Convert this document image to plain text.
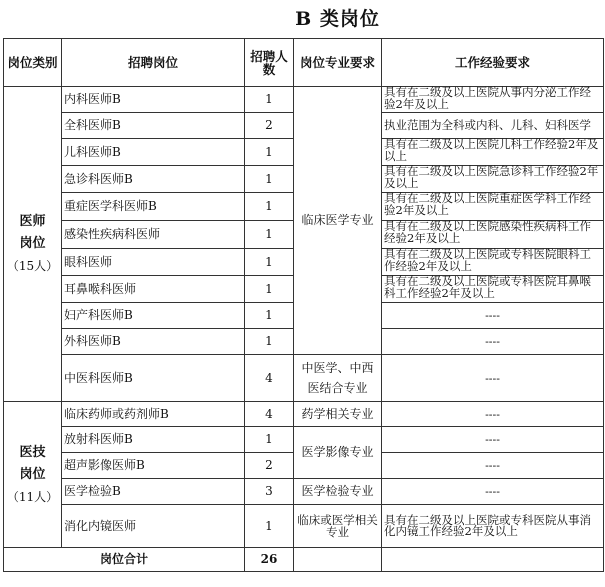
B 类岗位
岗位类别	招聘岗位	招聘人数	岗位专业要求	工作经验要求

医师
岗位
（15人）	内科医师B	1	临床医学专业	具有在二级及以上医院从事内分泌工作经验2年及以上
	全科医师B	2		执业范围为全科或内科、儿科、妇科医学
	儿科医师B	1		具有在二级及以上医院儿科工作经验2年及以上
	急诊科医师B	1		具有在二级及以上医院急诊科工作经验2年及以上
	重症医学科医师B	1		具有在二级及以上医院重症医学科工作经验2年及以上
	感染性疾病科医师	1		具有在二级及以上医院感染性疾病科工作经验2年及以上
	眼科医师	1		具有在二级及以上医院或专科医院眼科工作经验2年及以上
	耳鼻喉科医师	1		具有在二级及以上医院或专科医院耳鼻喉科工作经验2年及以上
	妇产科医师B	1		----
	外科医师B	1		----
	中医科医师B	4	中医学、中西医结合专业	----

医技
岗位
（11人）	临床药师或药剂师B	4	药学相关专业	----
	放射科医师B	1	医学影像专业	----
	超声影像医师B	2		----
	医学检验B	3	医学检验专业	----
	消化内镜医师	1	临床或医学相关专业	具有在二级及以上医院或专科医院从事消化内镜工作经验2年及以上
岗位合计		26		
